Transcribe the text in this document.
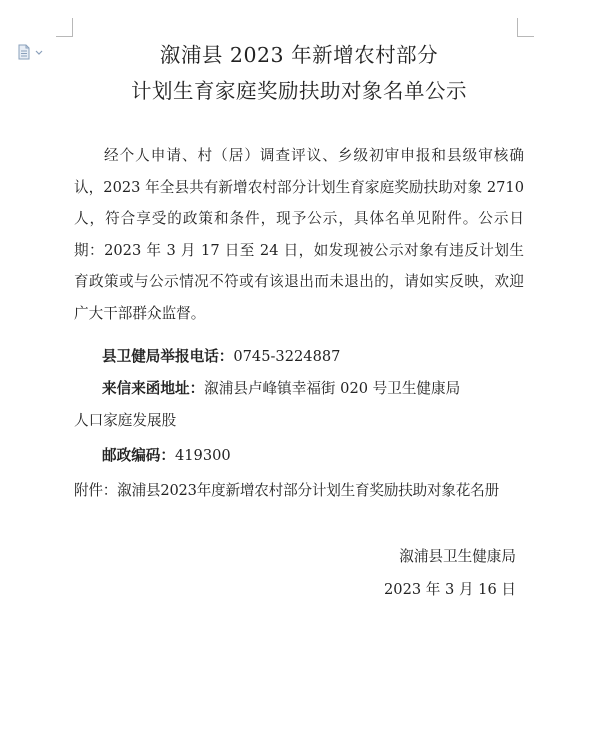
溆浦县 2023 年新增农村部分
计划生育家庭奖励扶助对象名单公示
经个人申请、村（居）调查评议、乡级初审申报和县级审核确认，2023 年全县共有新增农村部分计划生育家庭奖励扶助对象 2710 人，符合享受的政策和条件，现予公示，具体名单见附件。公示日期：2023 年 3 月 17 日至 24 日，如发现被公示对象有违反计划生育政策或与公示情况不符或有该退出而未退出的，请如实反映，欢迎广大干部群众监督。
县卫健局举报电话：0745-3224887
来信来函地址：溆浦县卢峰镇幸福街 020 号卫生健康局
人口家庭发展股
邮政编码：419300
附件：溆浦县2023年度新增农村部分计划生育奖励扶助对象花名册
溆浦县卫生健康局
2023 年 3 月 16 日
